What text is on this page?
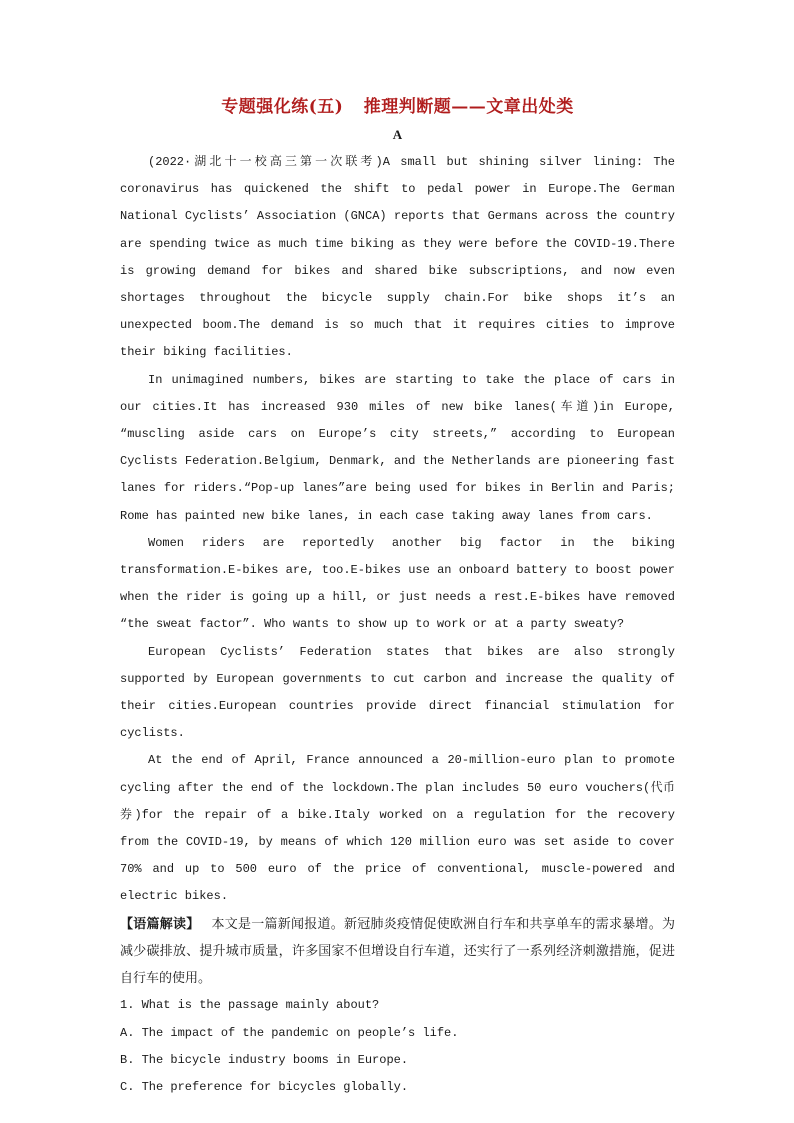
专题强化练(五) 推理判断题——文章出处类
A

(2022·湖北十一校高三第一次联考)A small but shining silver lining: The coronavirus has quickened the shift to pedal power in Europe.The German National Cyclists’ Association (GNCA) reports that Germans across the country are spending twice as much time biking as they were before the COVID-19.There is growing demand for bikes and shared bike subscriptions, and now even shortages throughout the bicycle supply chain.For bike shops it’s an unexpected boom.The demand is so much that it requires cities to improve their biking facilities.

In unimagined numbers, bikes are starting to take the place of cars in our cities.It has increased 930 miles of new bike lanes(车道)in Europe, “muscling aside cars on Europe’s city streets,” according to European Cyclists Federation.Belgium, Denmark, and the Netherlands are pioneering fast lanes for riders.“Pop-up lanes”are being used for bikes in Berlin and Paris; Rome has painted new bike lanes, in each case taking away lanes from cars.

Women riders are reportedly another big factor in the biking transformation.E-bikes are, too.E-bikes use an onboard battery to boost power when the rider is going up a hill, or just needs a rest.E-bikes have removed “the sweat factor”. Who wants to show up to work or at a party sweaty?

European Cyclists’ Federation states that bikes are also strongly supported by European governments to cut carbon and increase the quality of their cities.European countries provide direct financial stimulation for cyclists.

At the end of April, France announced a 20-million-euro plan to promote cycling after the end of the lockdown.The plan includes 50 euro vouchers(代币券)for the repair of a bike.Italy worked on a regulation for the recovery from the COVID-19, by means of which 120 million euro was set aside to cover 70% and up to 500 euro of the price of conventional, muscle-powered and electric bikes.

【语篇解读】 本文是一篇新闻报道。新冠肺炎疫情促使欧洲自行车和共享单车的需求暴增。为减少碳排放、提升城市质量，许多国家不但增设自行车道，还实行了一系列经济刺激措施，促进自行车的使用。

1. What is the passage mainly about?

A. The impact of the pandemic on people’s life.

B. The bicycle industry booms in Europe.

C. The preference for bicycles globally.
